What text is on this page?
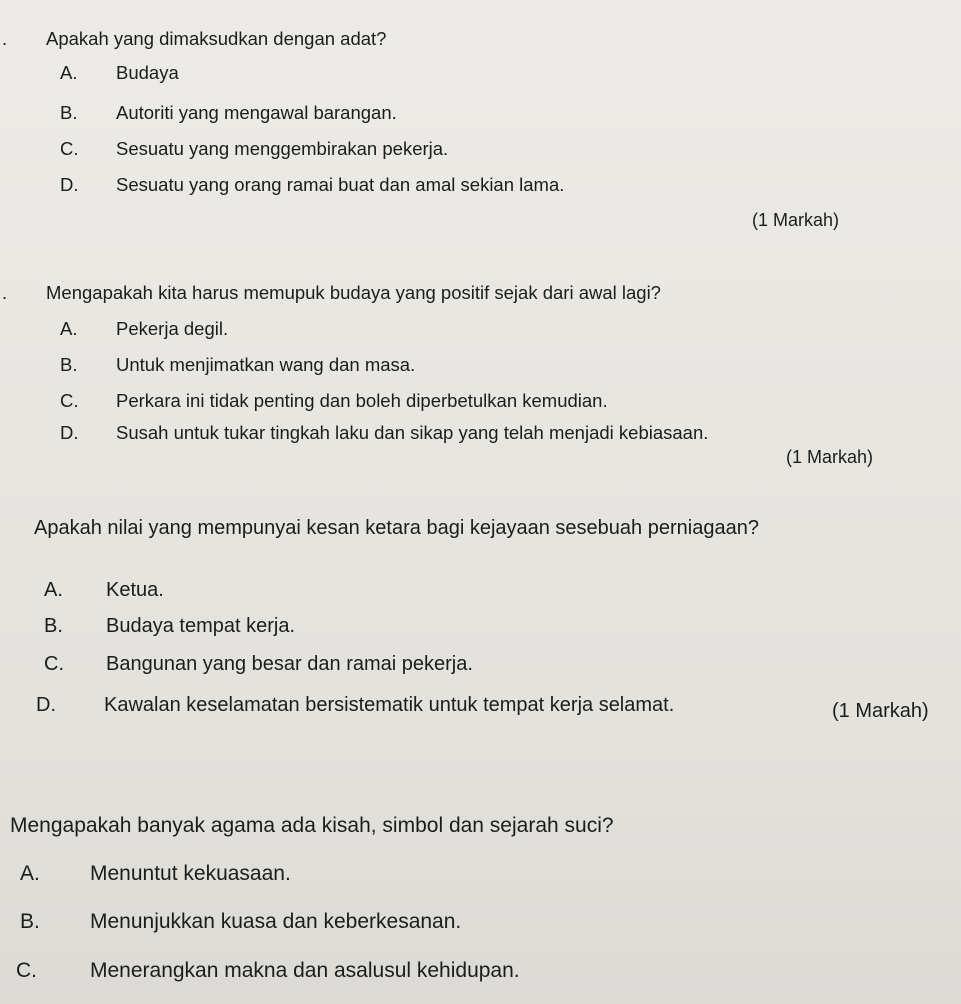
. Apakah yang dimaksudkan dengan adat?
A.	Budaya
B.	Autoriti yang mengawal barangan.
C.	Sesuatu yang menggembirakan pekerja.
D.	Sesuatu yang orang ramai buat dan amal sekian lama.
(1 Markah)
. Mengapakah kita harus memupuk budaya yang positif sejak dari awal lagi?
A.	Pekerja degil.
B.	Untuk menjimatkan wang dan masa.
C.	Perkara ini tidak penting dan boleh diperbetulkan kemudian.
D.	Susah untuk tukar tingkah laku dan sikap yang telah menjadi kebiasaan.
(1 Markah)
Apakah nilai yang mempunyai kesan ketara bagi kejayaan sesebuah perniagaan?
A.	Ketua.
B.	Budaya tempat kerja.
C.	Bangunan yang besar dan ramai pekerja.
D.	Kawalan keselamatan bersistematik untuk tempat kerja selamat.	(1 Markah)
Mengapakah banyak agama ada kisah, simbol dan sejarah suci?
A.	Menuntut kekuasaan.
B.	Menunjukkan kuasa dan keberkesanan.
C.	Menerangkan makna dan asalusul kehidupan.
